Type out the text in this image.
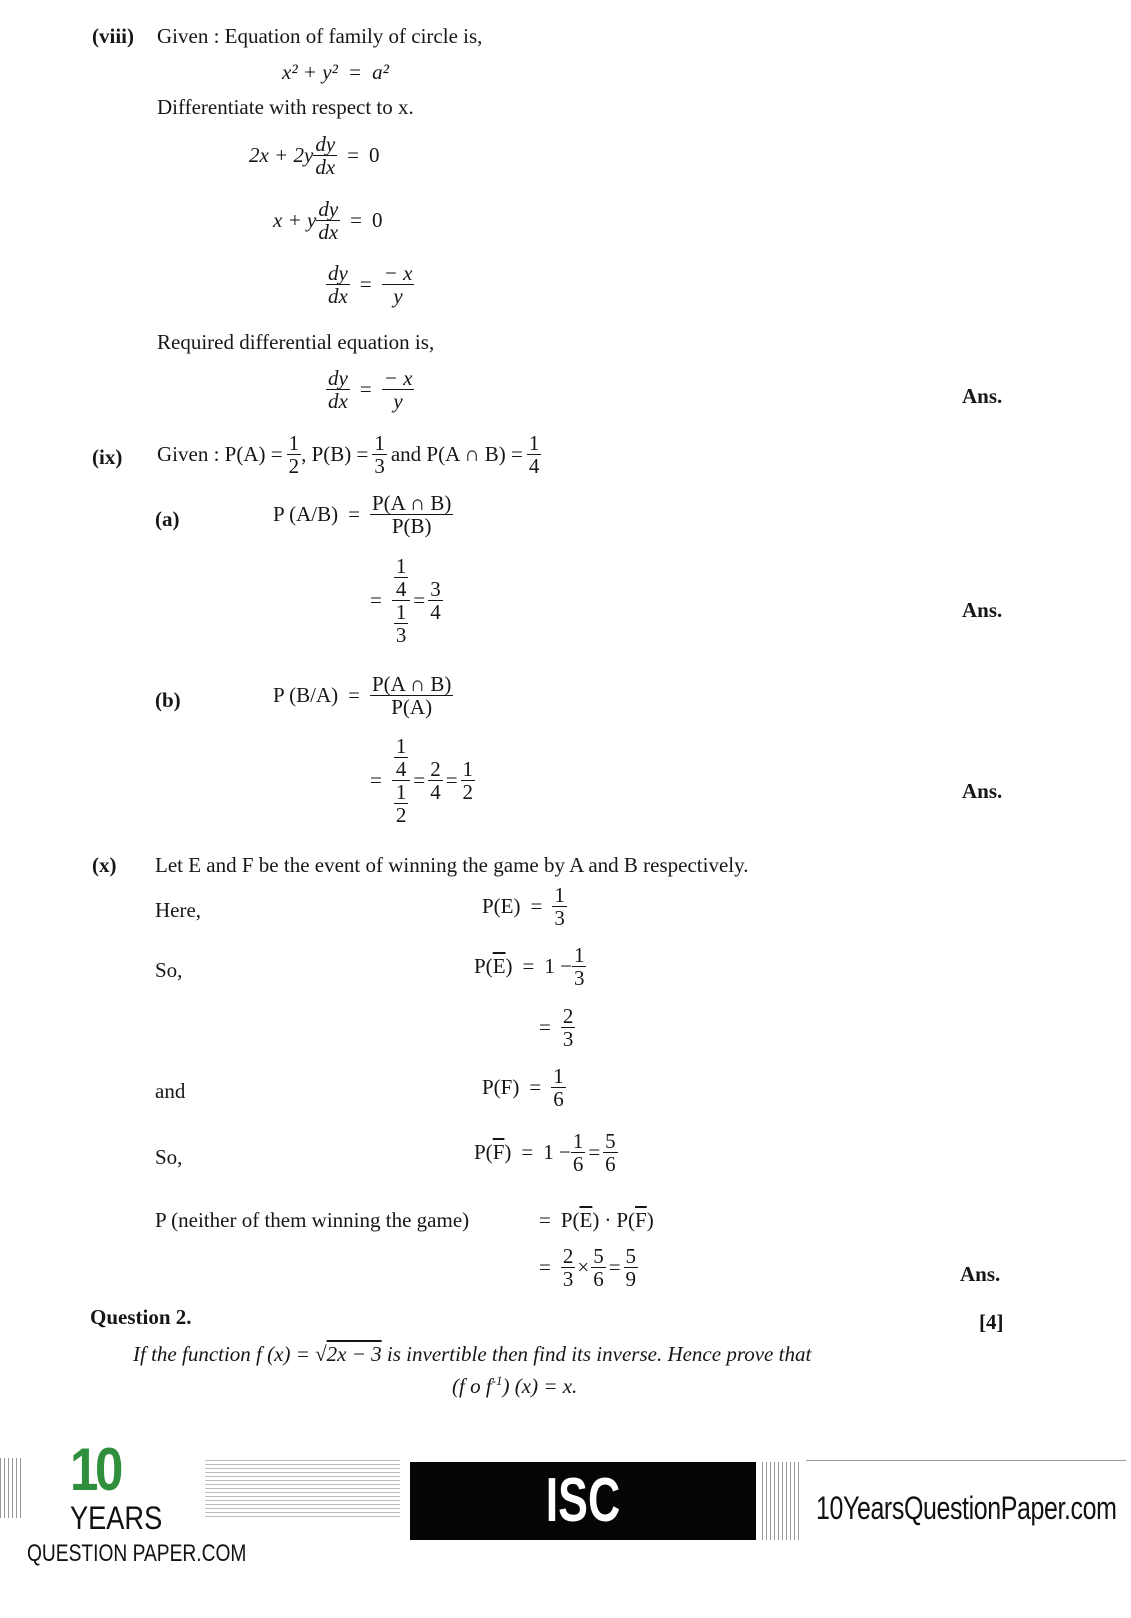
(viii) Given : Equation of family of circle is,
x² + y² = a²
Differentiate with respect to x.
$2x + 2y \frac{dy}{dx} = 0$
x + y $\frac{dy}{dx} = 0$
$\frac{dy}{dx} = \frac{- x}{y}$
Required differential equation is,
$\frac{dy}{dx} = \frac{- x}{y}$	Ans.
(ix) Given : $P(A) = \frac{1}{2}$ , $P(B) = \frac{1}{3}$ and P(A ∩ $B) = \frac{1}{4}$
(a)	P $(A/B) = \frac{P(A \cap B)}{P(B)}$
= $\frac{\frac{1}{4}}{\frac{1}{3}} = \frac{3}{4}$	Ans.
(b)	P $(B/A) = \frac{P(A \cap B)}{P(A)}$
= $\frac{\frac{1}{4}}{\frac{1}{2}} = \frac{2}{4} = \frac{1}{2}$	Ans.
(x) Let E and F be the event of winning the game by A and B respectively.
Here,	$P(E) = \frac{1}{3}$
So,	P( $\overline{E}$ ) = $1 - \frac{1}{3}$
= $\frac{2}{3}$
and	$P(F) = \frac{1}{6}$
So,	P( $\overline{F}$ ) = $1 - \frac{1}{6} = \frac{5}{6}$
P (neither of them winning the game)	= P( $\overline{E}$ ) · P( $\overline{F}$ )
= $\frac{2}{3} \times \frac{5}{6} = \frac{5}{9}$	Ans.
Question 2.	[4]
If the function f (x) = √2x − 3 is invertible then find its inverse. Hence prove that
(f o $f^{-1}$) (x) = x.
10
YEARS
QUESTION PAPER.COM
ISC BOARD XII
10YearsQuestionPaper.com
